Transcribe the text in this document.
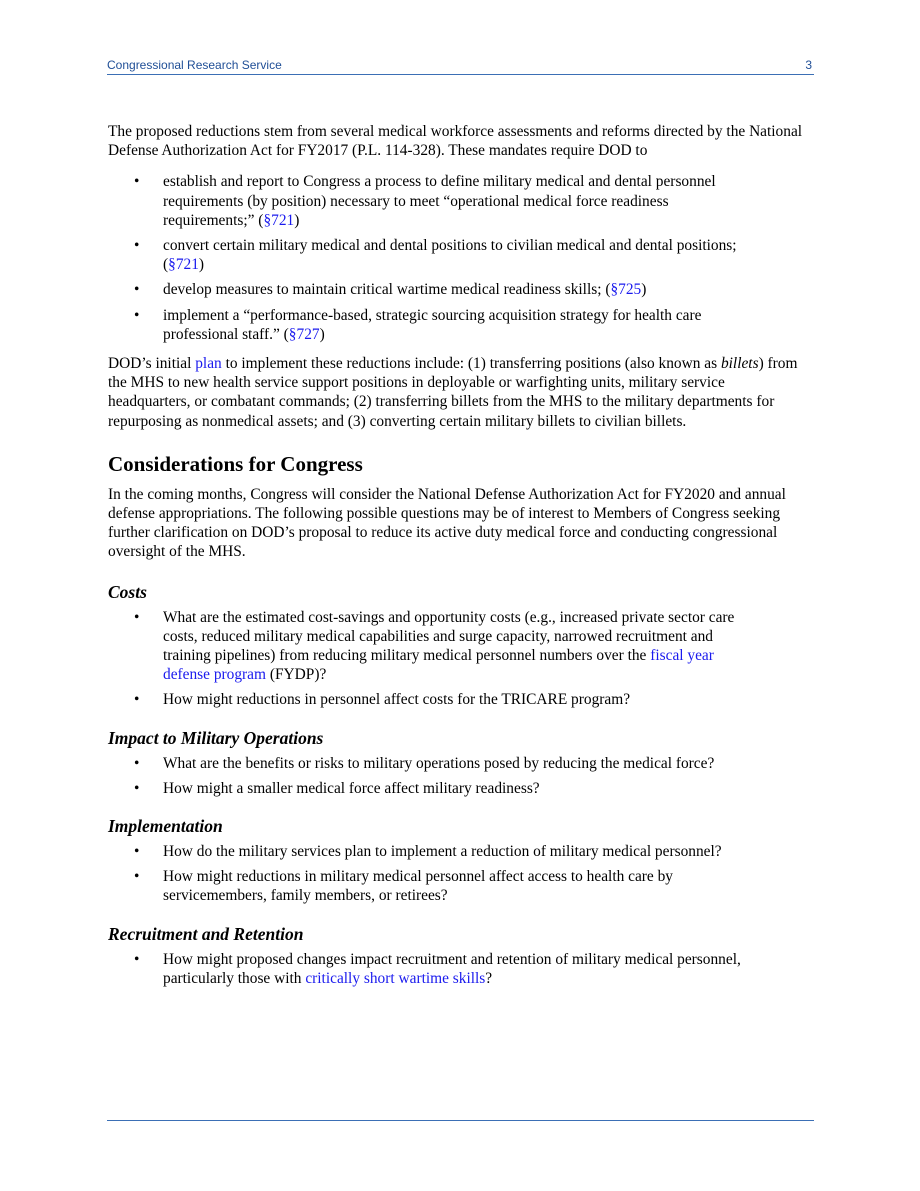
Congressional Research Service	3

The proposed reductions stem from several medical workforce assessments and reforms directed by the National Defense Authorization Act for FY2017 (P.L. 114-328). These mandates require DOD to

• establish and report to Congress a process to define military medical and dental personnel requirements (by position) necessary to meet “operational medical force readiness requirements;” (§721)
• convert certain military medical and dental positions to civilian medical and dental positions; (§721)
• develop measures to maintain critical wartime medical readiness skills; (§725)
• implement a “performance-based, strategic sourcing acquisition strategy for health care professional staff.” (§727)

DOD’s initial plan to implement these reductions include: (1) transferring positions (also known as billets) from the MHS to new health service support positions in deployable or warfighting units, military service headquarters, or combatant commands; (2) transferring billets from the MHS to the military departments for repurposing as nonmedical assets; and (3) converting certain military billets to civilian billets.

Considerations for Congress

In the coming months, Congress will consider the National Defense Authorization Act for FY2020 and annual defense appropriations. The following possible questions may be of interest to Members of Congress seeking further clarification on DOD’s proposal to reduce its active duty medical force and conducting congressional oversight of the MHS.

Costs
• What are the estimated cost-savings and opportunity costs (e.g., increased private sector care costs, reduced military medical capabilities and surge capacity, narrowed recruitment and training pipelines) from reducing military medical personnel numbers over the fiscal year defense program (FYDP)?
• How might reductions in personnel affect costs for the TRICARE program?
Impact to Military Operations
• What are the benefits or risks to military operations posed by reducing the medical force?
• How might a smaller medical force affect military readiness?
Implementation
• How do the military services plan to implement a reduction of military medical personnel?
• How might reductions in military medical personnel affect access to health care by servicemembers, family members, or retirees?
Recruitment and Retention
• How might proposed changes impact recruitment and retention of military medical personnel, particularly those with critically short wartime skills?
